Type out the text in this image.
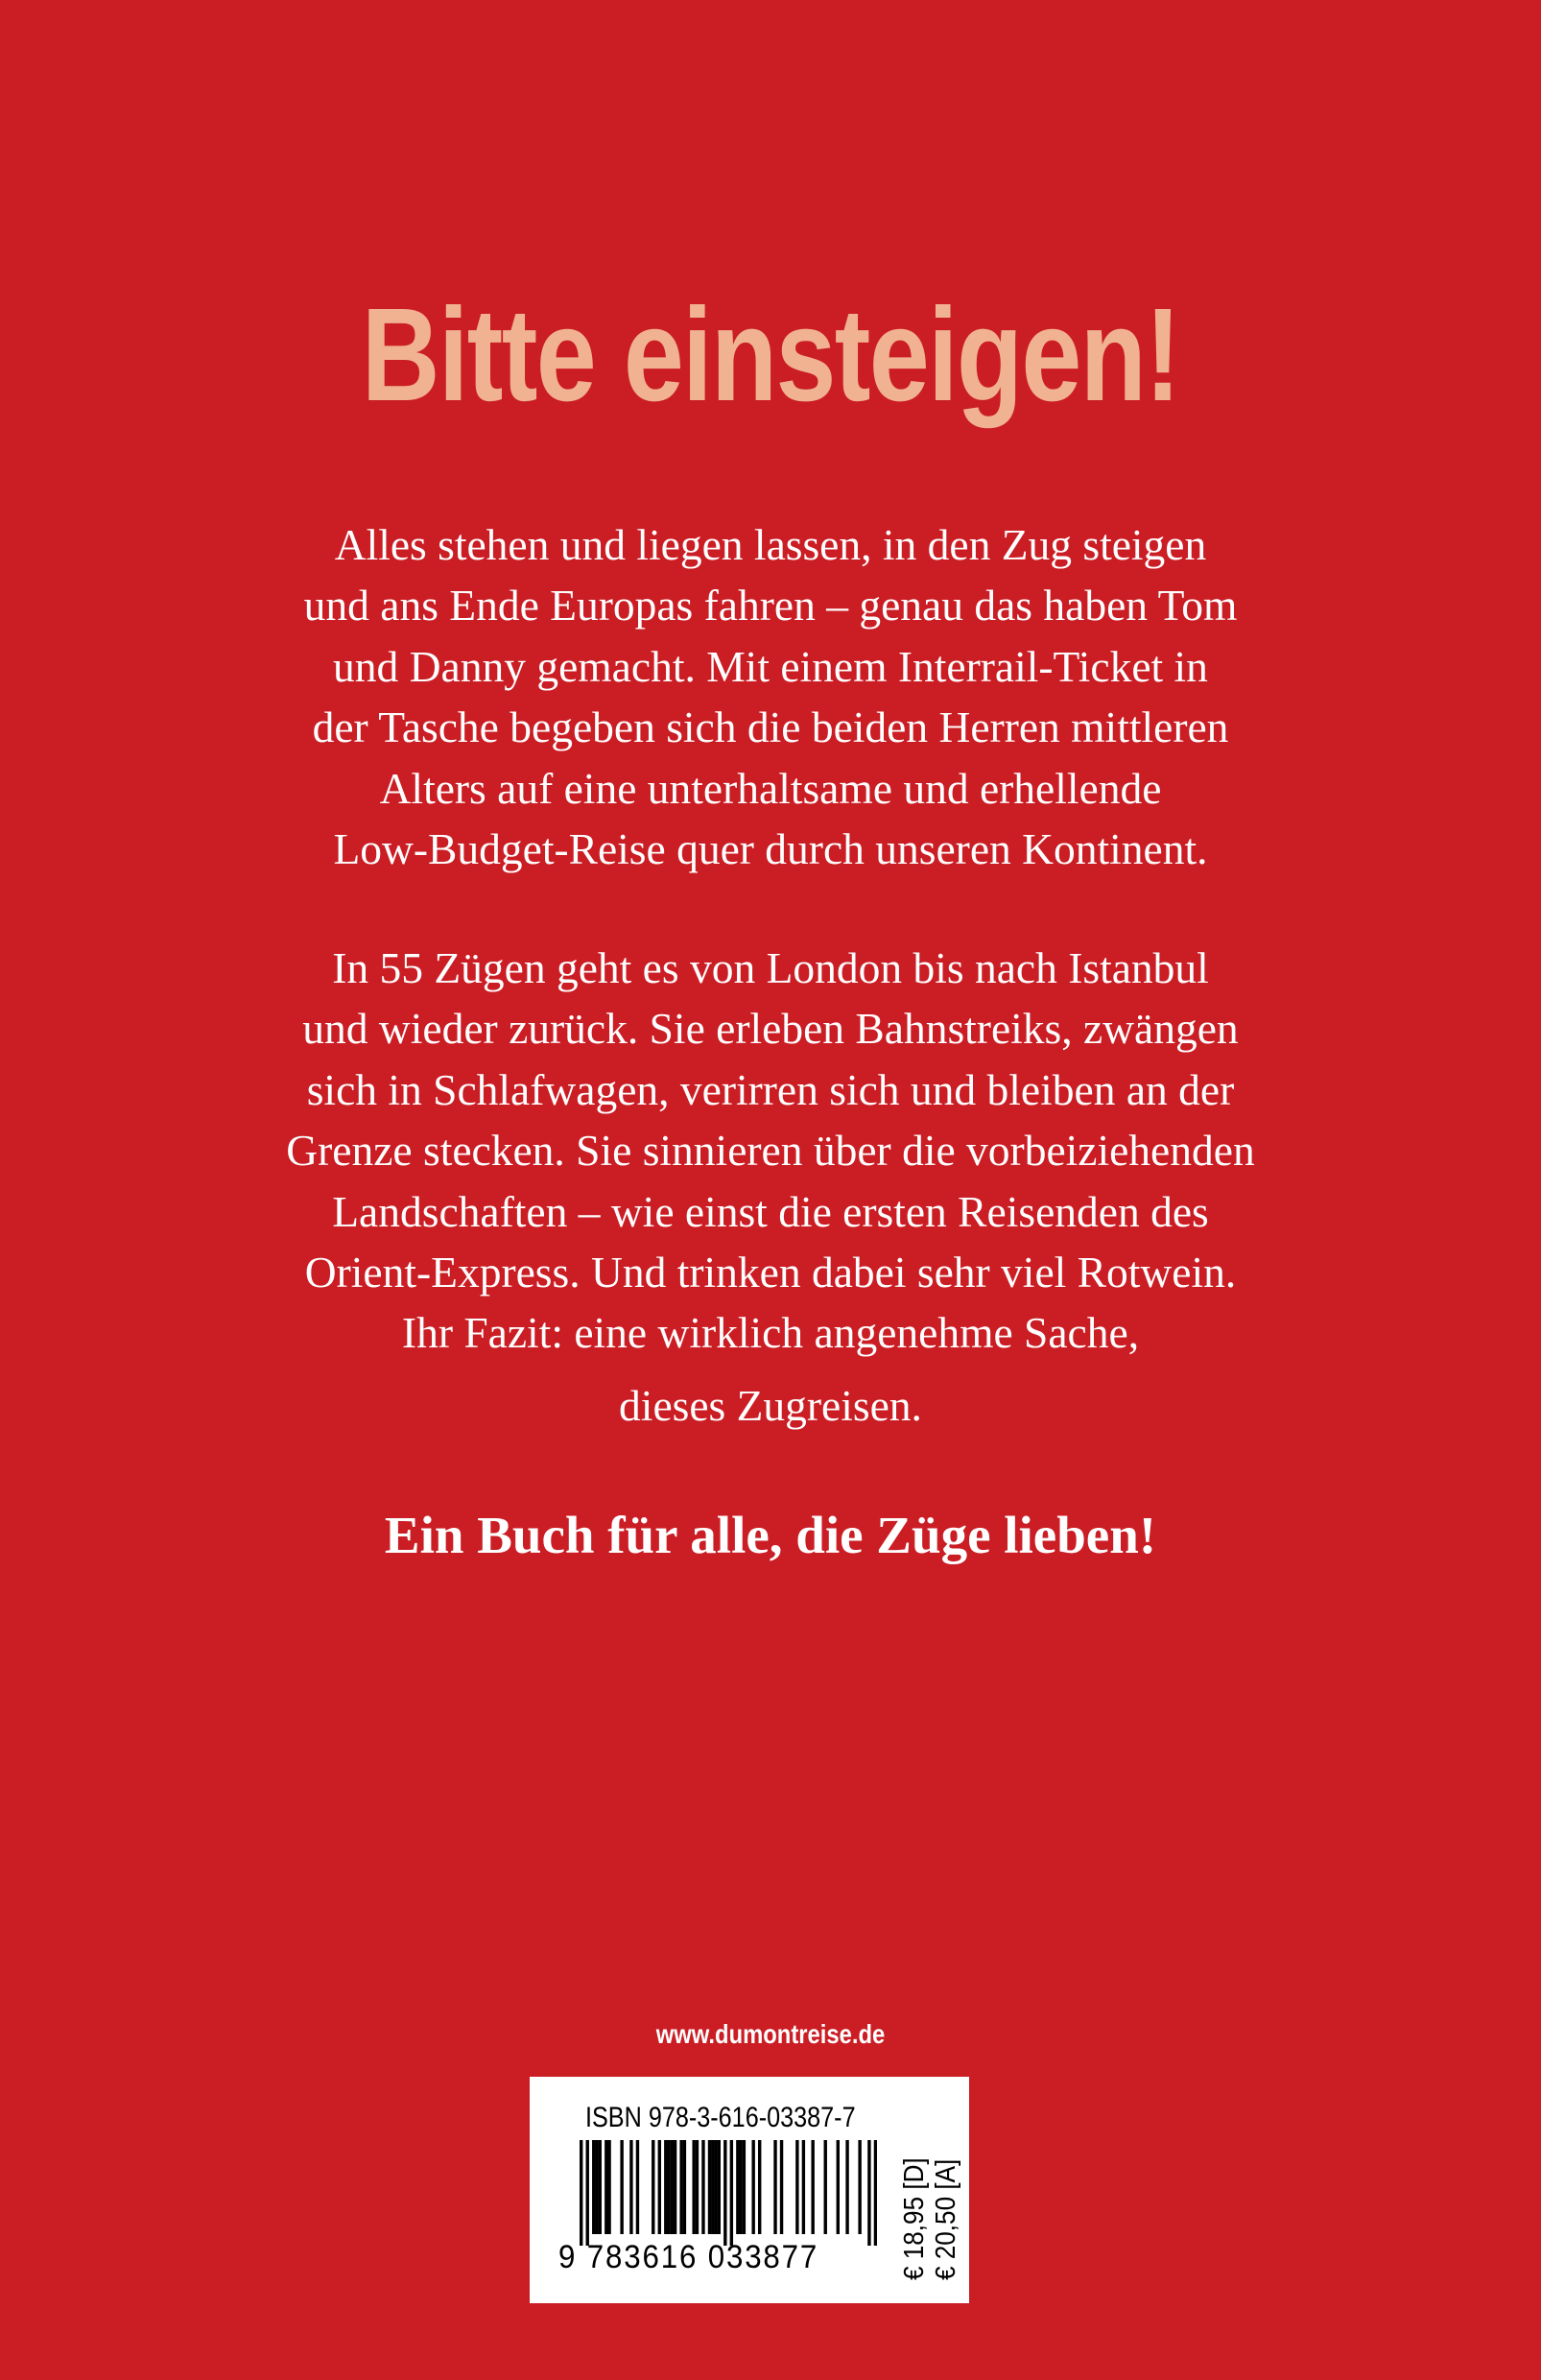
Bitte einsteigen!
Alles stehen und liegen lassen, in den Zug steigen
und ans Ende Europas fahren – genau das haben Tom
und Danny gemacht. Mit einem Interrail-Ticket in
der Tasche begeben sich die beiden Herren mittleren
Alters auf eine unterhaltsame und erhellende
Low-Budget-Reise quer durch unseren Kontinent.
In 55 Zügen geht es von London bis nach Istanbul
und wieder zurück. Sie erleben Bahnstreiks, zwängen
sich in Schlafwagen, verirren sich und bleiben an der
Grenze stecken. Sie sinnieren über die vorbeiziehenden
Landschaften – wie einst die ersten Reisenden des
Orient-Express. Und trinken dabei sehr viel Rotwein.
Ihr Fazit: eine wirklich angenehme Sache,
dieses Zugreisen.
Ein Buch für alle, die Züge lieben!
www.dumontreise.de
ISBN 978-3-616-03387-7
9 783616 033877	€ 18,95 [D] € 20,50 [A]
